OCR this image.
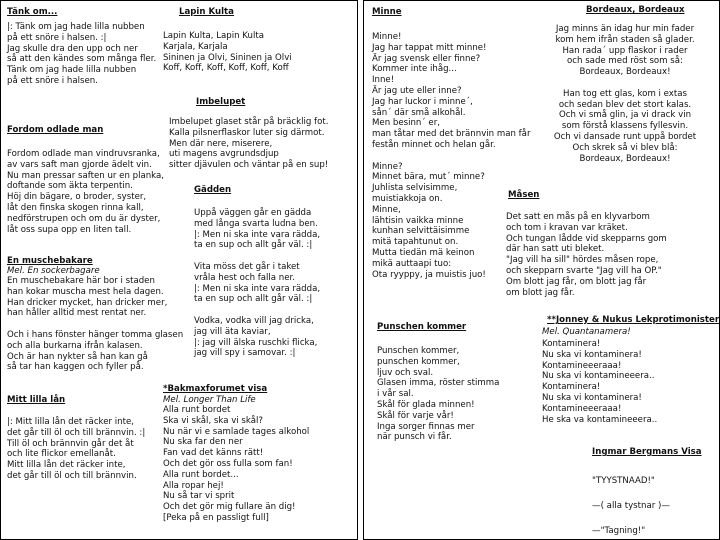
Tänk om...
|: Tänk om jag hade lilla nubben
på ett snöre i halsen. :|
Jag skulle dra den upp och ner
så att den kändes som många fler.
Tänk om jag hade lilla nubben
på ett snöre i halsen.
Lapin Kulta
Lapin Kulta, Lapin Kulta
Karjala, Karjala
Sininen ja Olvi, Sininen ja Olvi
Koff, Koff, Koff, Koff, Koff, Koff
Imbelupet
Imbelupet glaset står på bräcklig fot.
Kalla pilsnerflaskor luter sig därmot.
Men där nere, miserere,
uti magens avgrundsdjup
sitter djävulen och väntar på en sup!
Fordom odlade man
Fordom odlade man vindruvsranka,
av vars saft man gjorde ädelt vin.
Nu man pressar saften ur en planka,
doftande som äkta terpentin.
Höj din bägare, o broder, syster,
låt den finska skogen rinna kall,
nedförstrupen och om du är dyster,
låt oss supa opp en liten tall.
Gädden
Uppå väggen går en gädda
med långa svarta ludna ben.
|: Men ni ska inte vara rädda,
ta en sup och allt går väl. :|

Vita möss det går i taket
vråla hest och falla ner.
|: Men ni ska inte vara rädda,
ta en sup och allt går väl. :|

Vodka, vodka vill jag dricka,
jag vill äta kaviar,
|: jag vill älska ruschki flicka,
jag vill spy i samovar. :|
En muschebakare
Mel. En sockerbagare
En muschebakare här bor i staden
han kokar muscha mest hela dagen.
Han dricker mycket, han dricker mer,
han håller alltid mest rentat ner.

Och i hans fönster hänger tomma glasen
och alla burkarna ifrån kalasen.
Och är han nykter så han kan gå
så tar han kaggen och fyller på.
*Bakmaxforumet visa
Mel. Longer Than Life
Alla runt bordet
Ska vi skål, ska vi skål?
Nu när vi e samlade tages alkohol
Nu ska far den ner
Fan vad det känns rätt!
Och det gör oss fulla som fan!
Alla runt bordet...
Alla ropar hej!
Nu så tar vi sprit
Och det gör mig fullare än dig!
[Peka på en passligt full]
Mitt lilla lån
|: Mitt lilla lån det räcker inte,
det går till öl och till brännvin. :|
Till öl och brännvin går det åt
och lite flickor emellanåt.
Mitt lilla lån det räcker inte,
det går till öl och till brännvin.
Minne
Minne!
Jag har tappat mitt minne!
Är jag svensk eller finne?
Kommer inte ihåg...
Inne!
Är jag ute eller inne?
Jag har luckor i minne´,
sån´ där små alkohål.
Men besinn´ er,
man tåtar med det brännvin man får
festån minnet och helan går.

Minne?
Minnet bära, mut´ minne?
Juhlista selvisimme,
muistiakkoja on.
Minne,
lähtisin vaikka minne
kunhan selvittäisimme
mitä tapahtunut on.
Mutta tiedän mä keinon
mikä auttaapi tuo:
Ota ryyppy, ja muistis juo!
Bordeaux, Bordeaux
Jag minns än idag hur min fader
kom hem ifrån staden så glader.
Han rada´ upp flaskor i rader
och sade med röst som så:
Bordeaux, Bordeaux!

Han tog ett glas, kom i extas
och sedan blev det stort kalas.
Och vi små glin, ja vi drack vin
som förstå klassens fyllesvin.
Och vi dansade runt uppå bordet
Och skrek så vi blev blå:
Bordeaux, Bordeaux!
Måsen
Det satt en mås på en klyvarbom
och tom i kravan var kräket.
Och tungan lådde vid skepparns gom
där han satt uti bleket.
"Jag vill ha sill" hördes måsen rope,
och skepparn svarte "Jag vill ha OP."
Om blott jag får, om blott jag får
om blott jag får.
**Jonney & Nukus Lekprotimonister
Mel. Quantanamera!
Kontaminera!
Nu ska vi kontaminera!
Kontamineeeraaa!
Nu ska vi kontamineeera..
Kontaminera!
Nu ska vi kontaminera!
Kontamineeeraaa!
He ska va kontamineeera..
Punschen kommer
Punschen kommer,
punschen kommer,
ljuv och sval.
Glasen imma, röster stimma
i vår sal.
Skål för glada minnen!
Skål för varje vår!
Inga sorger finnas mer
när punsch vi får.
Ingmar Bergmans Visa
"TYYSTNAAD!"
—( alla tystnar )—
—"Tagning!"
